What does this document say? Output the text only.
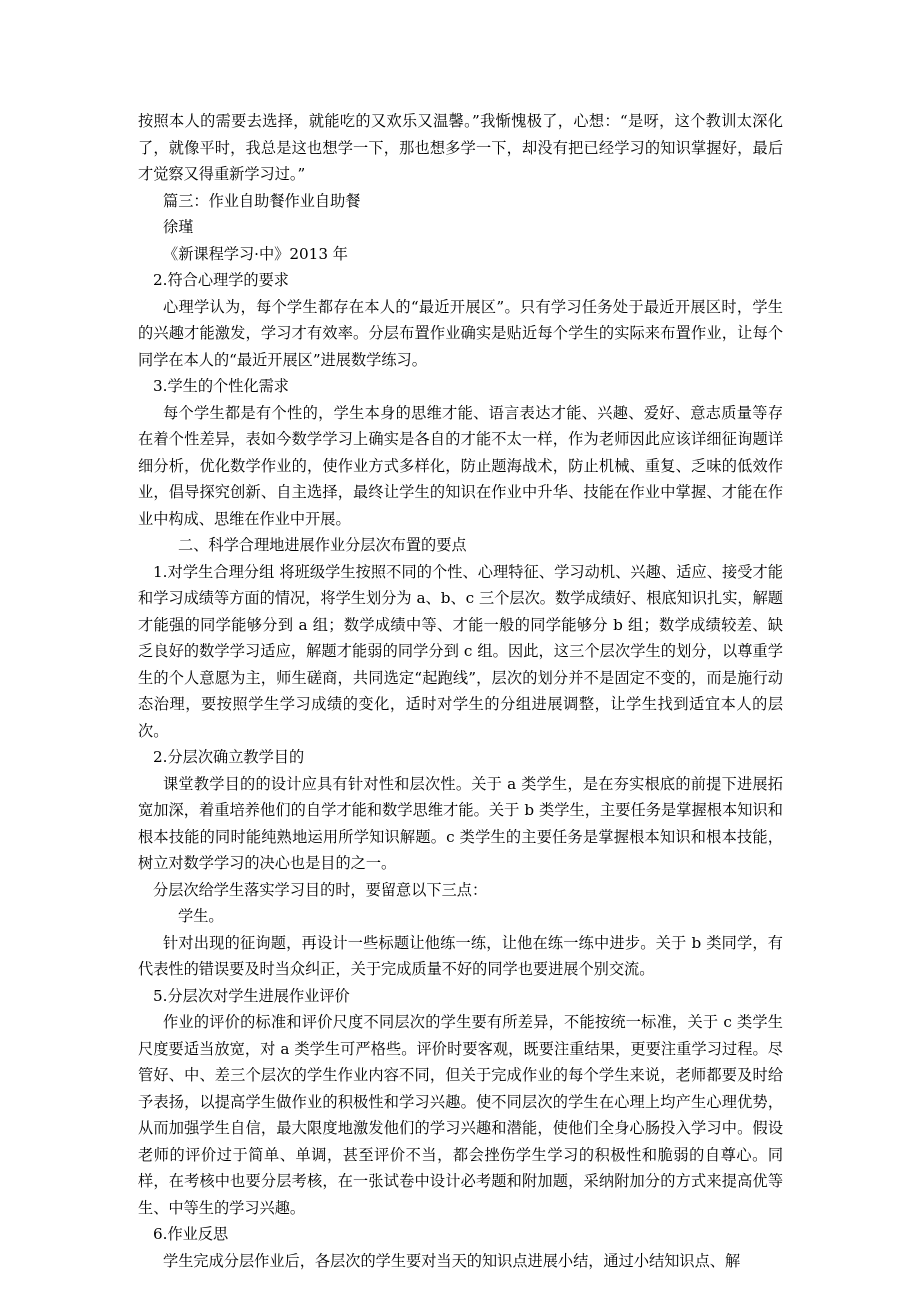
按照本人的需要去选择，就能吃的又欢乐又温馨。”我惭愧极了，心想：“是呀，这个教训太深化了，就像平时，我总是这也想学一下，那也想多学一下，却没有把已经学习的知识掌握好，最后才觉察又得重新学习过。”

篇三：作业自助餐作业自助餐

徐瑾

《新课程学习·中》2013 年

2.符合心理学的要求

心理学认为，每个学生都存在本人的“最近开展区”。只有学习任务处于最近开展区时，学生的兴趣才能激发，学习才有效率。分层布置作业确实是贴近每个学生的实际来布置作业，让每个同学在本人的“最近开展区”进展数学练习。

3.学生的个性化需求

每个学生都是有个性的，学生本身的思维才能、语言表达才能、兴趣、爱好、意志质量等存在着个性差异，表如今数学学习上确实是各自的才能不太一样，作为老师因此应该详细征询题详细分析，优化数学作业的，使作业方式多样化，防止题海战术，防止机械、重复、乏味的低效作业，倡导探究创新、自主选择，最终让学生的知识在作业中升华、技能在作业中掌握、才能在作业中构成、思维在作业中开展。

二、科学合理地进展作业分层次布置的要点

1.对学生合理分组 将班级学生按照不同的个性、心理特征、学习动机、兴趣、适应、接受才能和学习成绩等方面的情况，将学生划分为 a、b、c 三个层次。数学成绩好、根底知识扎实，解题才能强的同学能够分到 a 组；数学成绩中等、才能一般的同学能够分 b 组；数学成绩较差、缺乏良好的数学学习适应，解题才能弱的同学分到 c 组。因此，这三个层次学生的划分，以尊重学生的个人意愿为主，师生磋商，共同选定“起跑线”，层次的划分并不是固定不变的，而是施行动态治理，要按照学生学习成绩的变化，适时对学生的分组进展调整，让学生找到适宜本人的层次。

2.分层次确立教学目的

课堂教学目的的设计应具有针对性和层次性。关于 a 类学生，是在夯实根底的前提下进展拓宽加深，着重培养他们的自学才能和数学思维才能。关于 b 类学生，主要任务是掌握根本知识和根本技能的同时能纯熟地运用所学知识解题。c 类学生的主要任务是掌握根本知识和根本技能，树立对数学学习的决心也是目的之一。

分层次给学生落实学习目的时，要留意以下三点：

学生。

针对出现的征询题，再设计一些标题让他练一练，让他在练一练中进步。关于 b 类同学，有代表性的错误要及时当众纠正，关于完成质量不好的同学也要进展个别交流。

5.分层次对学生进展作业评价

作业的评价的标准和评价尺度不同层次的学生要有所差异，不能按统一标准，关于 c 类学生尺度要适当放宽，对 a 类学生可严格些。评价时要客观，既要注重结果，更要注重学习过程。尽管好、中、差三个层次的学生作业内容不同，但关于完成作业的每个学生来说，老师都要及时给予表扬，以提高学生做作业的积极性和学习兴趣。使不同层次的学生在心理上均产生心理优势，从而加强学生自信，最大限度地激发他们的学习兴趣和潜能，使他们全身心肠投入学习中。假设老师的评价过于简单、单调，甚至评价不当，都会挫伤学生学习的积极性和脆弱的自尊心。同样，在考核中也要分层考核，在一张试卷中设计必考题和附加题，采纳附加分的方式来提高优等生、中等生的学习兴趣。

6.作业反思

学生完成分层作业后，各层次的学生要对当天的知识点进展小结，通过小结知识点、解
